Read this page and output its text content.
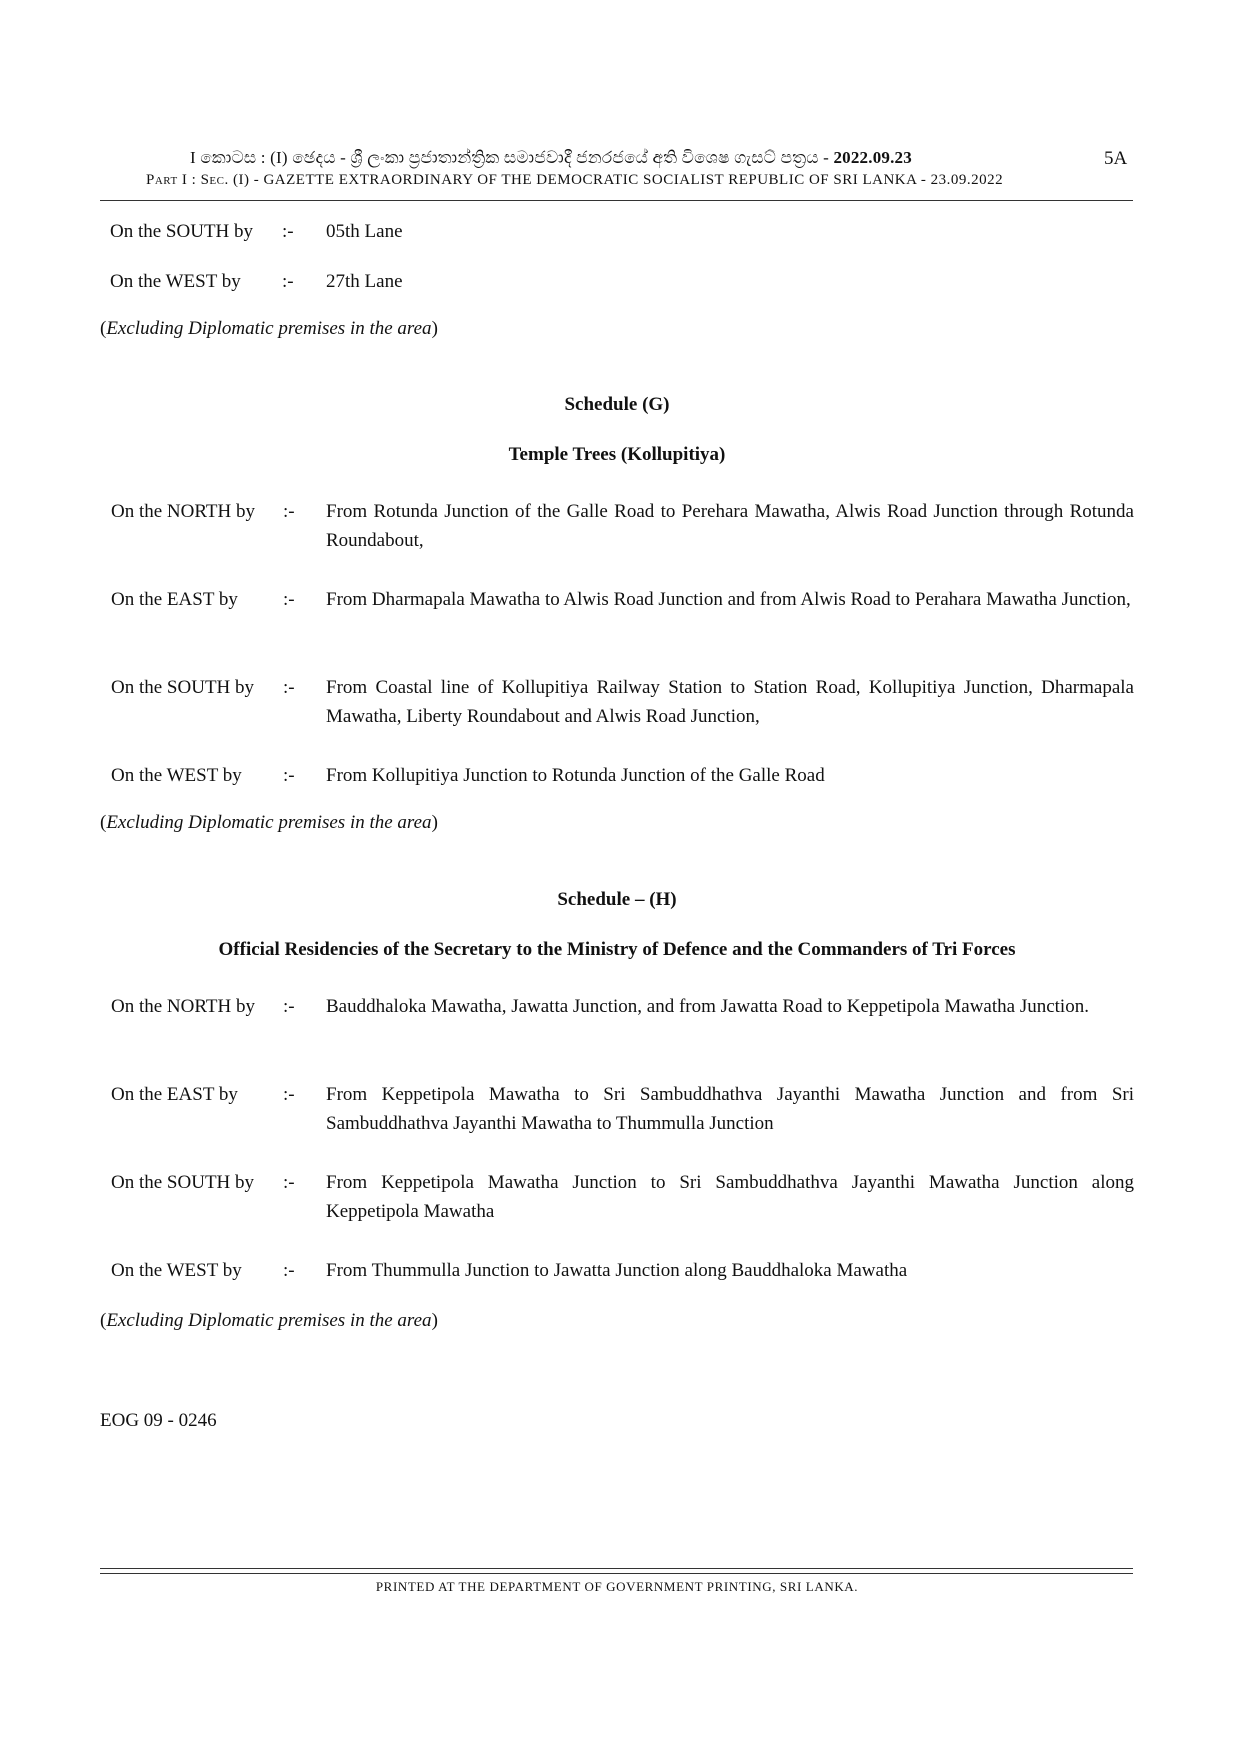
I කොටස : (I) ඡෙදය - ශ්‍රී ලංකා ප්‍රජාතාන්ත්‍රික සමාජවාදී ජනරජයේ අති විශෙෂ ගැසට් පත්‍රය - 2022.09.23	5A
Part I : Sec. (I) - GAZETTE EXTRAORDINARY OF THE DEMOCRATIC SOCIALIST REPUBLIC OF SRI LANKA - 23.09.2022
On the SOUTH by	:- 05th Lane
On the WEST by	:- 27th Lane
(Excluding Diplomatic premises in the area)
Schedule (G)
Temple Trees (Kollupitiya)
On the NORTH by	:- From Rotunda Junction of the Galle Road to Perehara Mawatha, Alwis Road Junction through Rotunda Roundabout,
On the EAST by	:- From Dharmapala Mawatha to Alwis Road Junction and from Alwis Road to Perahara Mawatha Junction,
On the SOUTH by	:- From Coastal line of Kollupitiya Railway Station to Station Road, Kollupitiya Junction, Dharmapala Mawatha, Liberty Roundabout and Alwis Road Junction,
On the WEST by	:- From Kollupitiya Junction to Rotunda Junction of the Galle Road
(Excluding Diplomatic premises in the area)
Schedule – (H)
Official Residencies of the Secretary to the Ministry of Defence and the Commanders of Tri Forces
On the NORTH by	:- Bauddhaloka Mawatha, Jawatta Junction, and from Jawatta Road to Keppetipola Mawatha Junction.
On the EAST by	:- From Keppetipola Mawatha to Sri Sambuddhathva Jayanthi Mawatha Junction and from Sri Sambuddhathva Jayanthi Mawatha to Thummulla Junction
On the SOUTH by	:- From Keppetipola Mawatha Junction to Sri Sambuddhathva Jayanthi Mawatha Junction along Keppetipola Mawatha
On the WEST by	:- From Thummulla Junction to Jawatta Junction along Bauddhaloka Mawatha
(Excluding Diplomatic premises in the area)
EOG 09 - 0246
PRINTED AT THE DEPARTMENT OF GOVERNMENT PRINTING, SRI LANKA.
